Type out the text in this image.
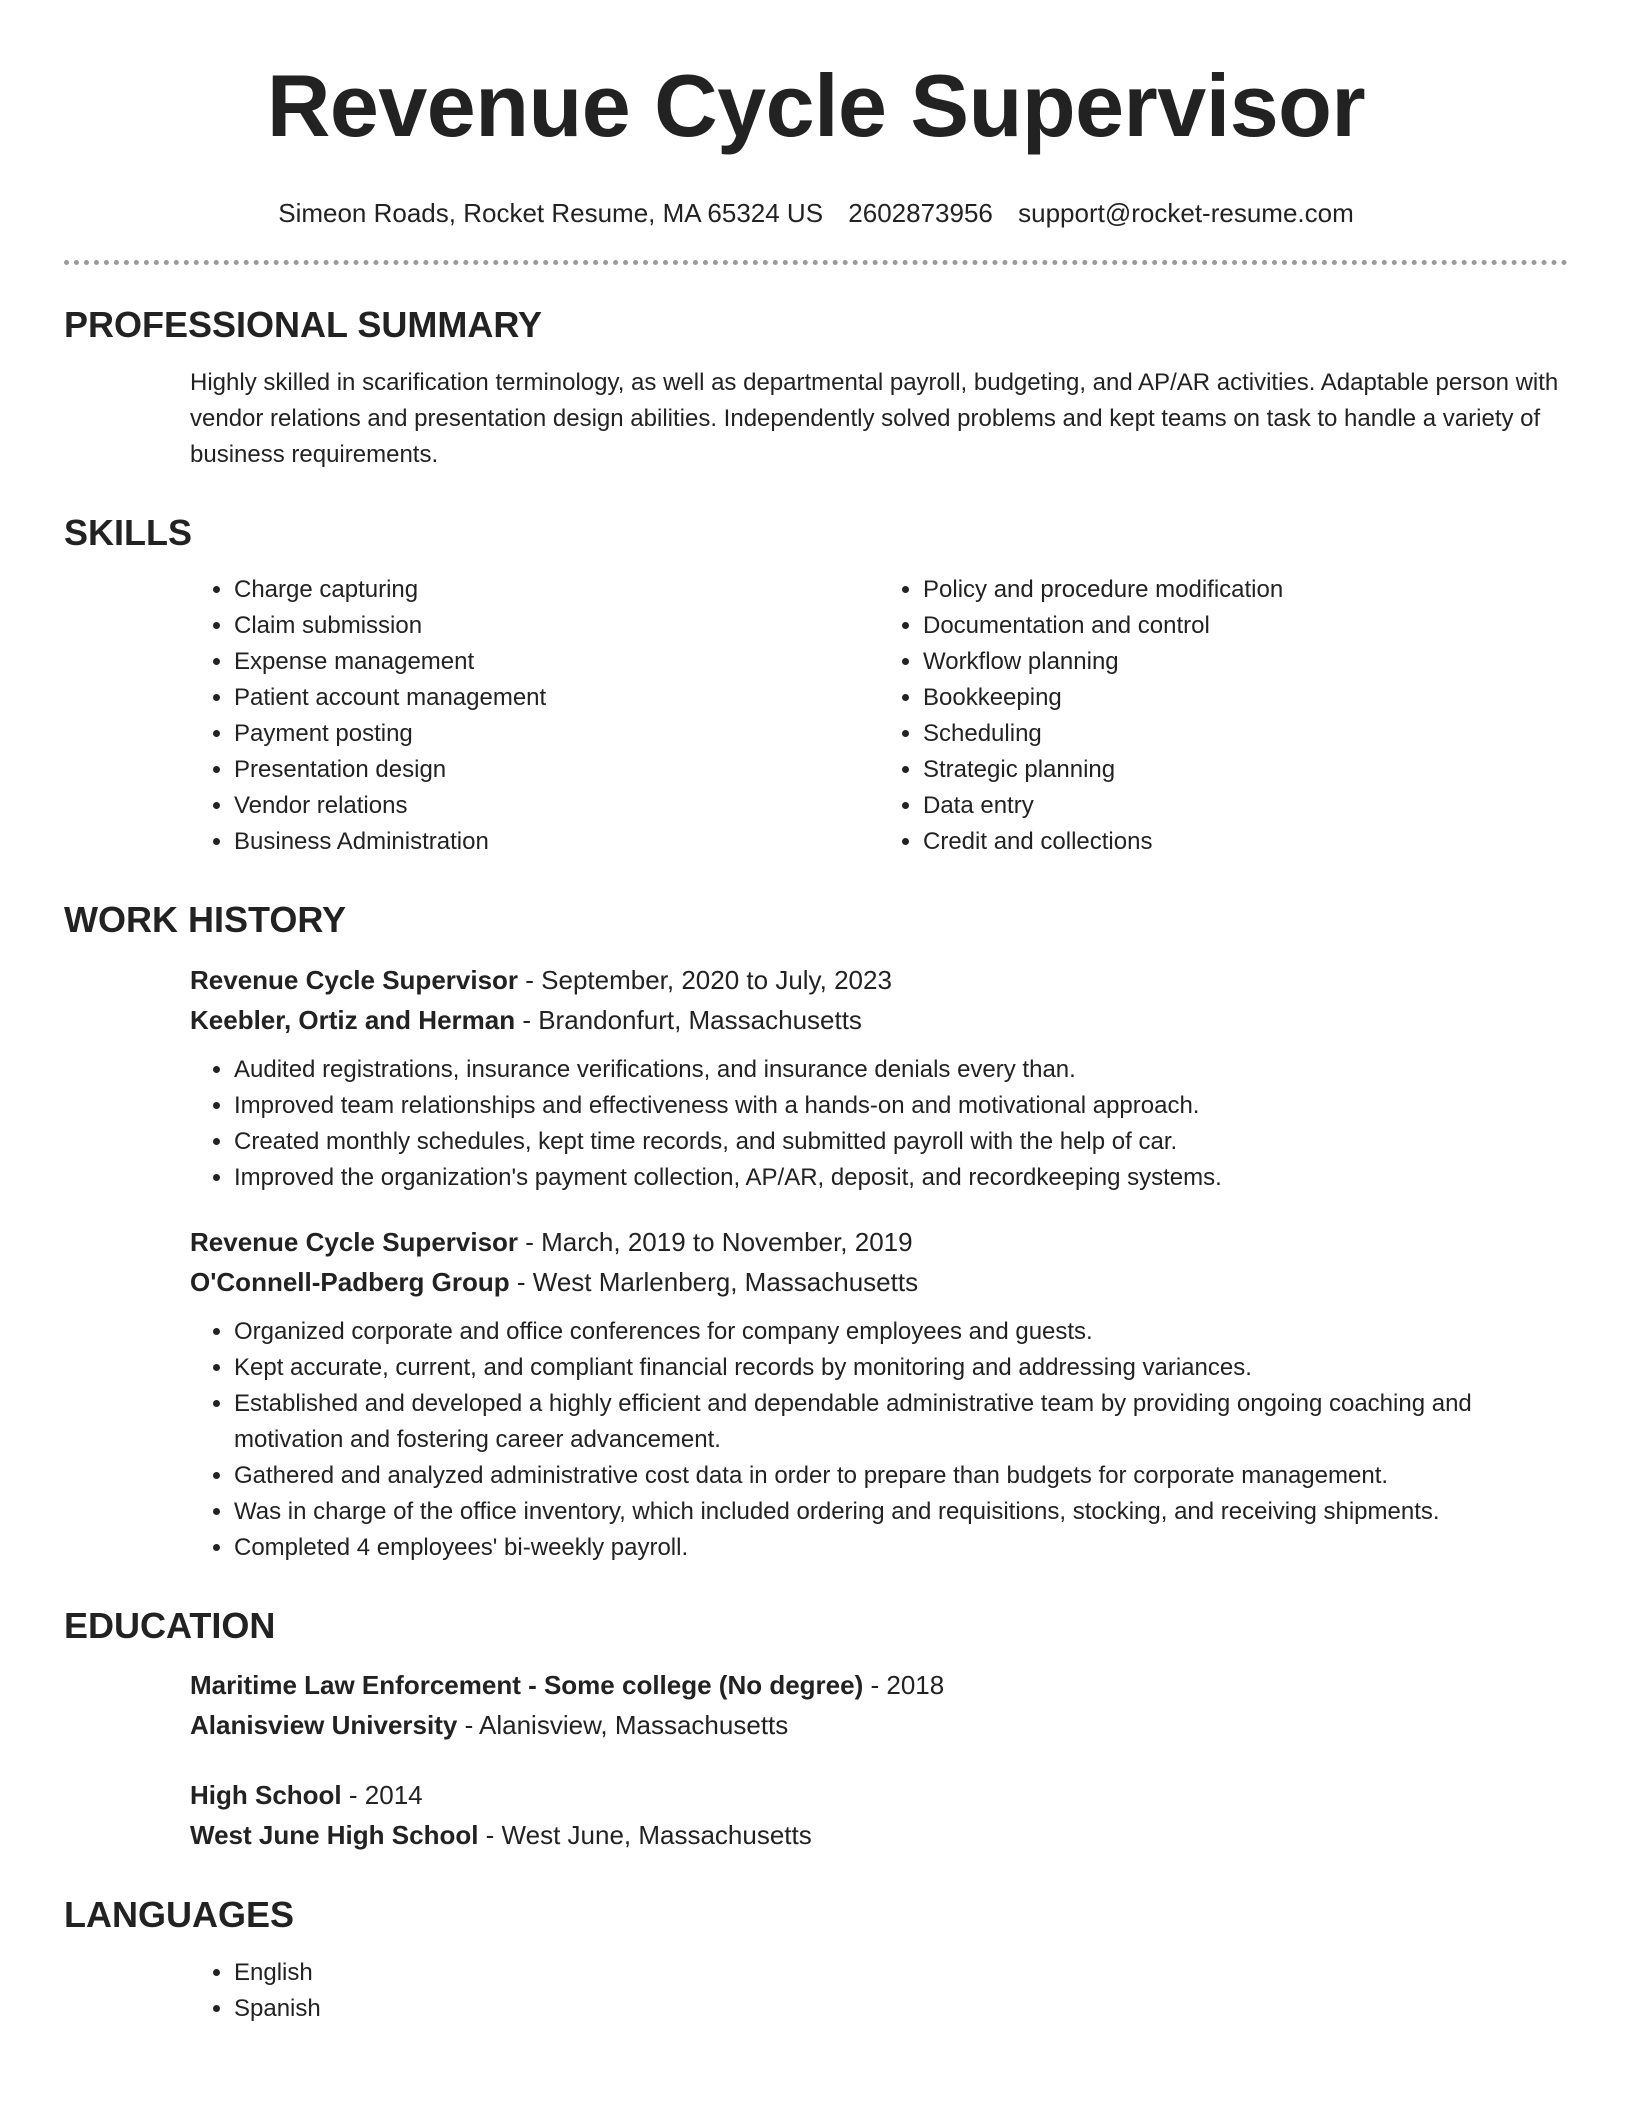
Revenue Cycle Supervisor
Simeon Roads, Rocket Resume, MA 65324 US 2602873956 support@rocket-resume.com
PROFESSIONAL SUMMARY

Highly skilled in scarification terminology, as well as departmental payroll, budgeting, and AP/AR activities. Adaptable person with vendor relations and presentation design abilities. Independently solved problems and kept teams on task to handle a variety of business requirements.

SKILLS
• Charge capturing
• Claim submission
• Expense management
• Patient account management
• Payment posting
• Presentation design
• Vendor relations
• Business Administration
• Policy and procedure modification
• Documentation and control
• Workflow planning
• Bookkeeping
• Scheduling
• Strategic planning
• Data entry
• Credit and collections
WORK HISTORY
Revenue Cycle Supervisor - September, 2020 to July, 2023
Keebler, Ortiz and Herman - Brandonfurt, Massachusetts
• Audited registrations, insurance verifications, and insurance denials every than.
• Improved team relationships and effectiveness with a hands-on and motivational approach.
• Created monthly schedules, kept time records, and submitted payroll with the help of car.
• Improved the organization's payment collection, AP/AR, deposit, and recordkeeping systems.
Revenue Cycle Supervisor - March, 2019 to November, 2019
O'Connell-Padberg Group - West Marlenberg, Massachusetts
• Organized corporate and office conferences for company employees and guests.
• Kept accurate, current, and compliant financial records by monitoring and addressing variances.
• Established and developed a highly efficient and dependable administrative team by providing ongoing coaching and motivation and fostering career advancement.
• Gathered and analyzed administrative cost data in order to prepare than budgets for corporate management.
• Was in charge of the office inventory, which included ordering and requisitions, stocking, and receiving shipments.
• Completed 4 employees' bi-weekly payroll.
EDUCATION
Maritime Law Enforcement - Some college (No degree) - 2018
Alanisview University - Alanisview, Massachusetts
High School - 2014
West June High School - West June, Massachusetts
LANGUAGES
• English
• Spanish
